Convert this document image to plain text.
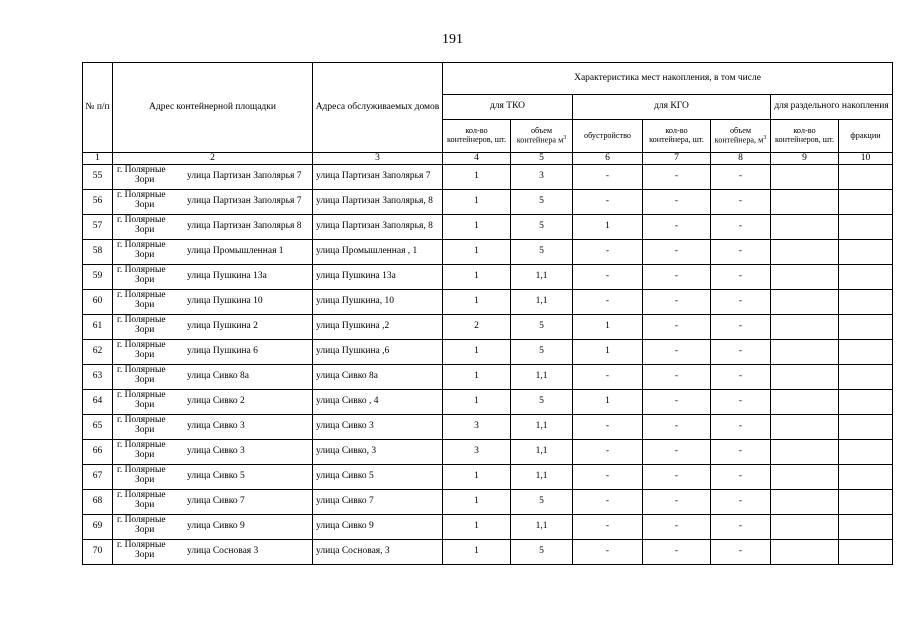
191
№ п/п	Адрес контейнерной площадки	Адреса обслуживаемых домов	Характеристика мест накопления, в том числе						
			для ТКО		для КГО			для раздельного накопления	
			кол-во контейнеров, шт.	объем контейнера $м^3$	обустройство	кол-во контейнера, шт.	объем контейнера, $м^3$	кол-во контейнеров, шт.	фракции
1	2	3	4	5	6	7	8	9	10
55	г. Полярные
Зори улица Партизан Заполярья 7	улица Партизан Заполярья 7	1	3	-	-	-		
56	г. Полярные
Зори улица Партизан Заполярья 7	улица Партизан Заполярья, 8	1	5	-	-	-		
57	г. Полярные
Зори улица Партизан Заполярья 8	улица Партизан Заполярья, 8	1	5	1	-	-		
58	г. Полярные
Зори улица Промышленная 1	улица Промышленная , 1	1	5	-	-	-		
59	г. Полярные
Зори улица Пушкина 13а	улица Пушкина 13а	1	1,1	-	-	-		
60	г. Полярные
Зори улица Пушкина 10	улица Пушкина, 10	1	1,1	-	-	-		
61	г. Полярные
Зори улица Пушкина 2	улица Пушкина ,2	2	5	1	-	-		
62	г. Полярные
Зори улица Пушкина 6	улица Пушкина ,6	1	5	1	-	-		
63	г. Полярные
Зори улица Сивко 8а	улица Сивко 8а	1	1,1	-	-	-		
64	г. Полярные
Зори улица Сивко 2	улица Сивко , 4	1	5	1	-	-		
65	г. Полярные
Зори улица Сивко 3	улица Сивко 3	3	1,1	-	-	-		
66	г. Полярные
Зори улица Сивко 3	улица Сивко, 3	3	1,1	-	-	-		
67	г. Полярные
Зори улица Сивко 5	улица Сивко 5	1	1,1	-	-	-		
68	г. Полярные
Зори улица Сивко 7	улица Сивко 7	1	5	-	-	-		
69	г. Полярные
Зори улица Сивко 9	улица Сивко 9	1	1,1	-	-	-		
70	г. Полярные
Зори улица Сосновая 3	улица Сосновая, 3	1	5	-	-	-		
